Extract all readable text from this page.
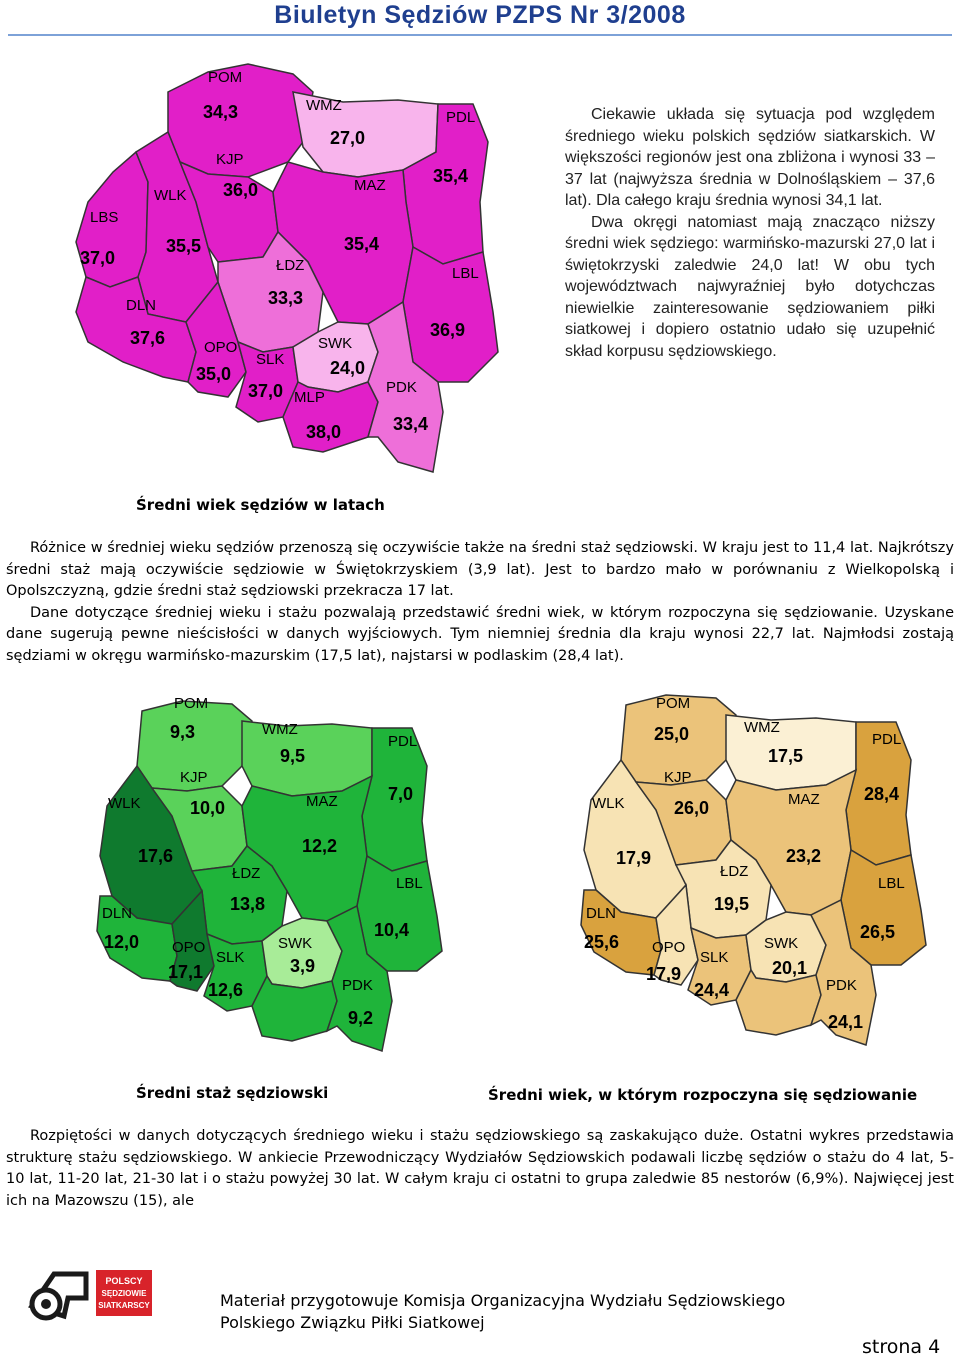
Biuletyn Sędziów PZPS Nr 3/2008
POM
34,3	WMZ
27,0
PDL
35,4
KJP
36,0
WLK
35,5
LBS
37,0
MAZ
35,4
ŁDZ
33,3
LBL
36,9
DLN
37,6	OPO
35,0
SLK
37,0
SWK
24,0
MLP
38,0
PDK
33,4

Ciekawie układa się sytuacja pod względem średniego wieku polskich sędziów siatkarskich. W większości regionów jest ona zbliżona i wynosi 33 – 37 lat (najwyższa średnia w Dolnośląskiem – 37,6 lat). Dla całego kraju średnia wynosi 34,1 lat.

Dwa okręgi natomiast mają znacząco niższy średni wiek sędziego: warmińsko-mazurski 27,0 lat i świętokrzyski zaledwie 24,0 lat! W obu tych województwach najwyraźniej było dotychczas niewielkie zainteresowanie sędziowaniem piłki siatkowej i dopiero ostatnio udało się uzupełnić skład korpusu sędziowskiego.

Średni wiek sędziów w latach

Różnice w średniej wieku sędziów przenoszą się oczywiście także na średni staż sędziowski. W kraju jest to 11,4 lat. Najkrótszy średni staż mają oczywiście sędziowie w Świętokrzyskiem (3,9 lat). Jest to bardzo mało w porównaniu z Wielkopolską i Opolszczyzną, gdzie średni staż sędziowski przekracza 17 lat.

Dane dotyczące średniej wieku i stażu pozwalają przedstawić średni wiek, w którym rozpoczyna się sędziowanie. Uzyskane dane sugerują pewne nieścisłości w danych wyjściowych. Tym niemniej średnia dla kraju wynosi 22,7 lat. Najmłodsi zostają sędziami w okręgu warmińsko-mazurskim (17,5 lat), najstarsi w podlaskim (28,4 lat).

POM
9,3	WMZ
9,5
PDL
7,0
KJP
10,0
WLK
17,6
MAZ
12,2
ŁDZ
13,8
LBL
10,4
DLN
12,0 OPO
17,1
SLK
12,6
SWK
3,9
PDK
9,2
POM
25,0	WMZ
17,5
PDL
28,4
KJP
26,0
WLK
17,9
MAZ
23,2
ŁDZ
19,5
LBL
26,5
DLN
25,6 OPO
17,9
SLK
24,4
SWK
20,1
PDK
24,1
Średni staż sędziowski	Średni wiek, w którym rozpoczyna się sędziowanie

Rozpiętości w danych dotyczących średniego wieku i stażu sędziowskiego są zaskakująco duże. Ostatni wykres przedstawia strukturę stażu sędziowskiego. W ankiecie Przewodniczący Wydziałów Sędziowskich podawali liczbę sędziów o stażu do 4 lat, 5-10 lat, 11-20 lat, 21-30 lat i o stażu powyżej 30 lat. W całym kraju ci ostatni to grupa zaledwie 85 nestorów (6,9%). Najwięcej jest ich na Mazowszu (15), ale

POLSCY
SĘDZIOWIE
SIATKARSCY	Materiał przygotowuje Komisja Organizacyjna Wydziału Sędziowskiego
Polskiego Związku Piłki Siatkowej
strona 4
